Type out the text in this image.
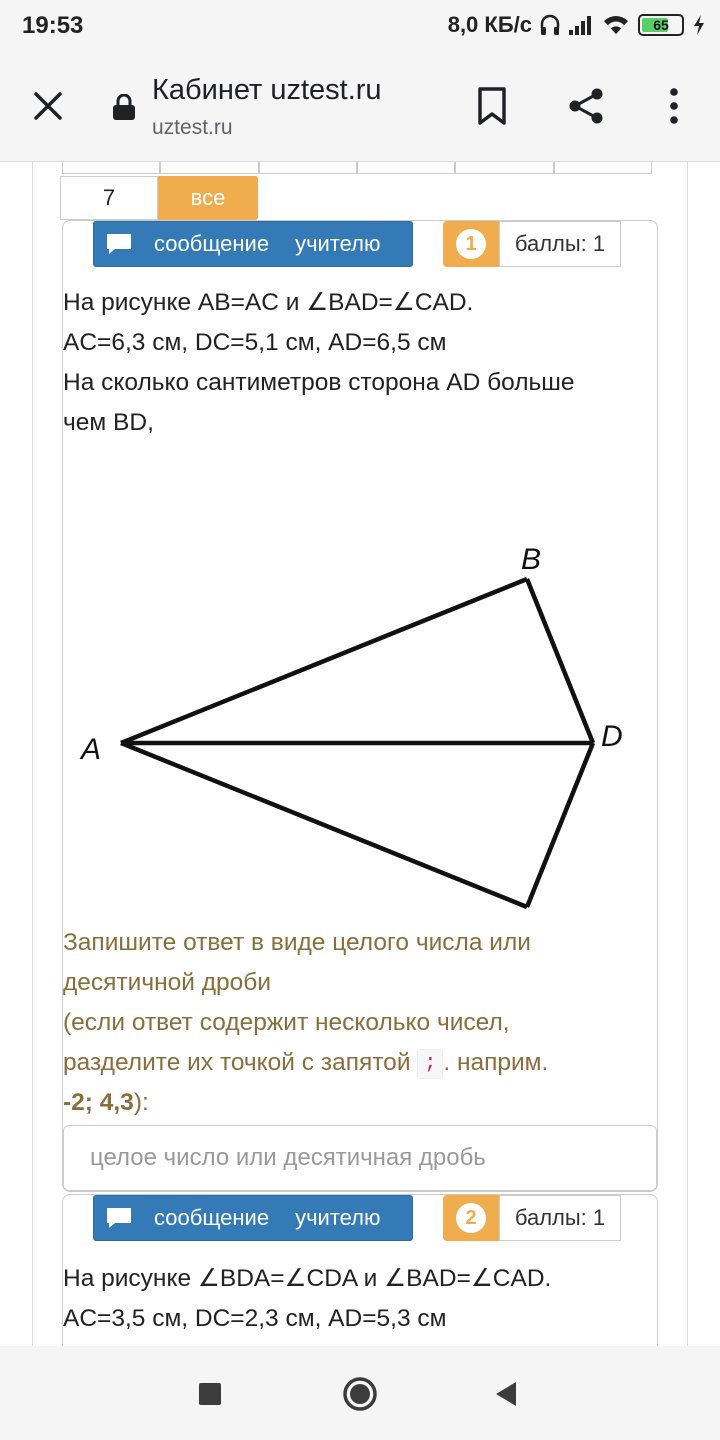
19:53	8,0 КБ/с	65
Кабинет uztest.ru
uztest.ru
7	все
сообщение учителю	1	баллы: 1

На рисунке AB=AC и ∠BAD=∠CAD.

AC=6,3 см, DC=5,1 см, AD=6,5 см

На сколько сантиметров сторона AD больше

чем BD,

A
B
D

Запишите ответ в виде целого числа или

десятичной дроби

(если ответ содержит несколько чисел,

разделите их точкой с запятой ; . наприм.

-2; 4,3):

целое число или десятичная дробь
сообщение учителю	2	баллы: 1

На рисунке ∠BDA=∠CDA и ∠BAD=∠CAD.

AC=3,5 см, DC=2,3 см, AD=5,3 см
